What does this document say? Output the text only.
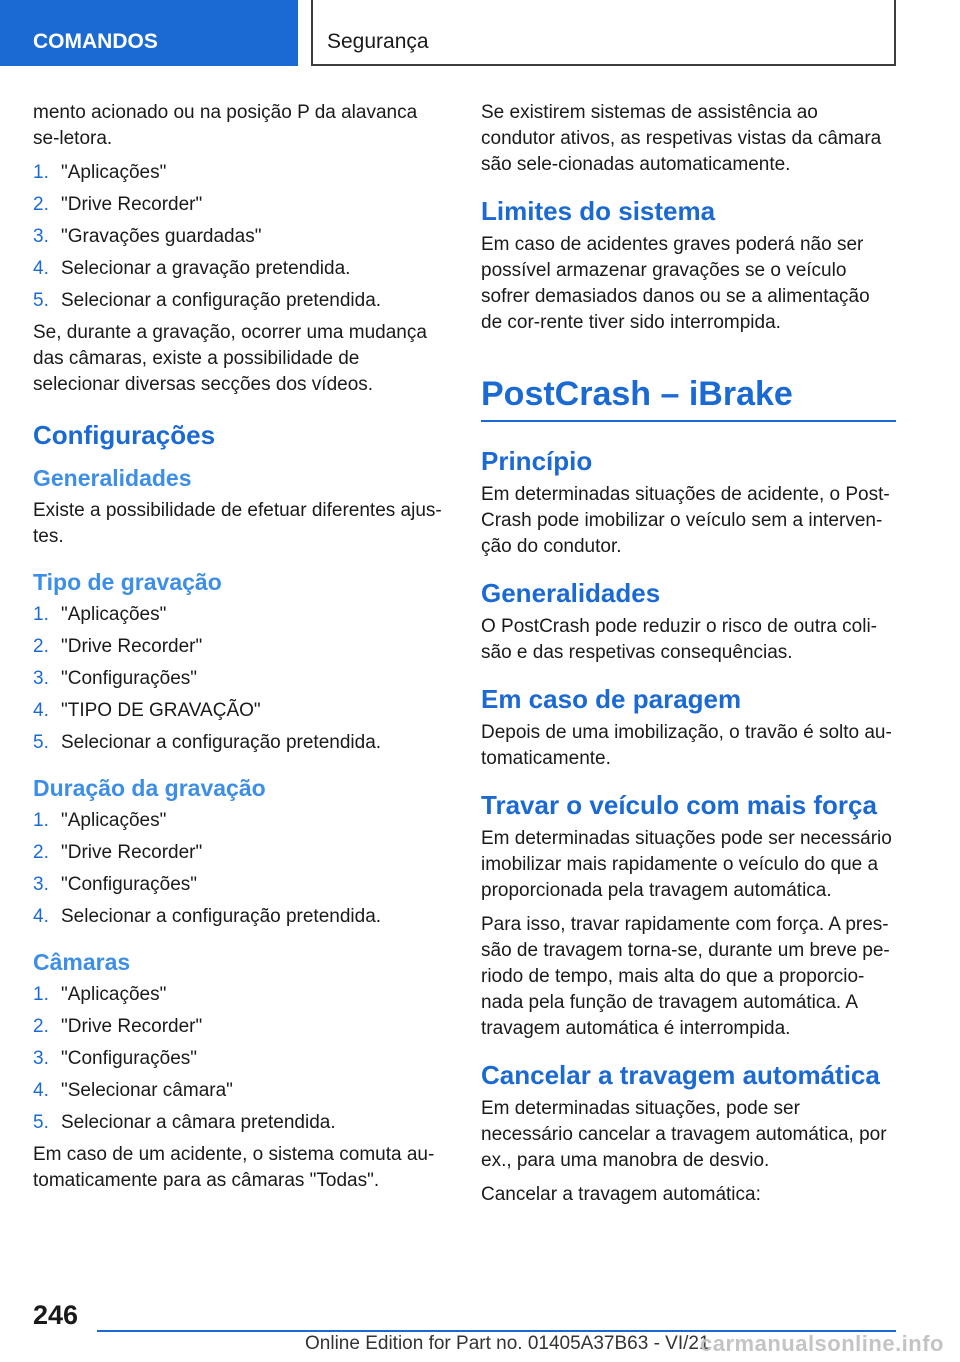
COMANDOS	Segurança

mento acionado ou na posição P da alavanca se-letora.

1. "Aplicações"
2. "Drive Recorder"
3. "Gravações guardadas"
4. Selecionar a gravação pretendida.
5. Selecionar a configuração pretendida.

Se, durante a gravação, ocorrer uma mudança das câmaras, existe a possibilidade de selecionar diversas secções dos vídeos.

Configurações
Generalidades

Existe a possibilidade de efetuar diferentes ajus-tes.

Tipo de gravação
1. "Aplicações"
2. "Drive Recorder"
3. "Configurações"
4. "TIPO DE GRAVAÇÃO"
5. Selecionar a configuração pretendida.
Duração da gravação
1. "Aplicações"
2. "Drive Recorder"
3. "Configurações"
4. Selecionar a configuração pretendida.
Câmaras
1. "Aplicações"
2. "Drive Recorder"
3. "Configurações"
4. "Selecionar câmara"
5. Selecionar a câmara pretendida.

Em caso de um acidente, o sistema comuta au-tomaticamente para as câmaras "Todas".

Se existirem sistemas de assistência ao condutor ativos, as respetivas vistas da câmara são sele-cionadas automaticamente.

Limites do sistema

Em caso de acidentes graves poderá não ser possível armazenar gravações se o veículo sofrer demasiados danos ou se a alimentação de cor-rente tiver sido interrompida.

PostCrash – iBrake
Princípio

Em determinadas situações de acidente, o Post-Crash pode imobilizar o veículo sem a interven-ção do condutor.

Generalidades

O PostCrash pode reduzir o risco de outra coli-são e das respetivas consequências.

Em caso de paragem

Depois de uma imobilização, o travão é solto au-tomaticamente.

Travar o veículo com mais força

Em determinadas situações pode ser necessário imobilizar mais rapidamente o veículo do que a proporcionada pela travagem automática.

Para isso, travar rapidamente com força. A pres-são de travagem torna-se, durante um breve pe-riodo de tempo, mais alta do que a proporcio-nada pela função de travagem automática. A travagem automática é interrompida.

Cancelar a travagem automática

Em determinadas situações, pode ser necessário cancelar a travagem automática, por ex., para uma manobra de desvio.

Cancelar a travagem automática:

246
Online Edition for Part no. 01405A37B63 - VI/21
carmanualsonline.info
